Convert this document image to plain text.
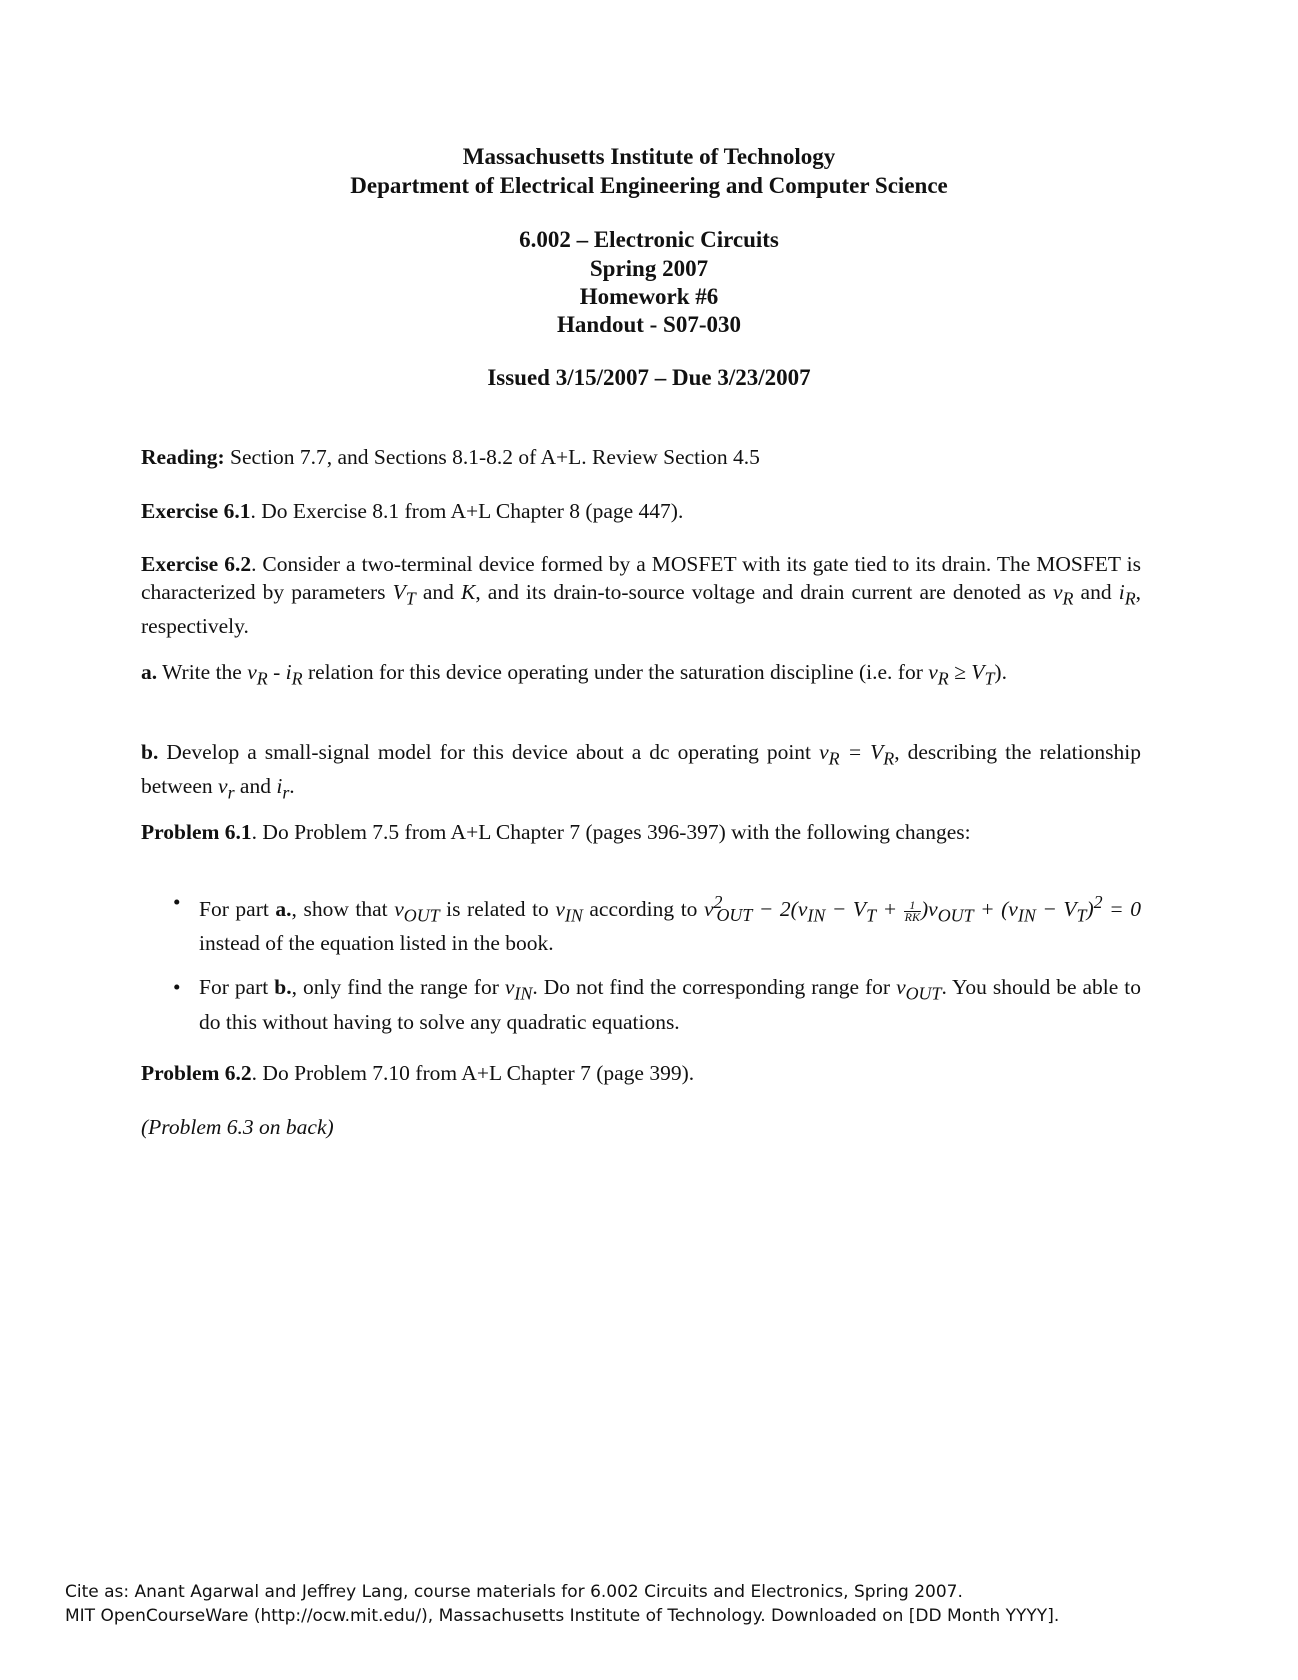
Massachusetts Institute of Technology
Department of Electrical Engineering and Computer Science
6.002 – Electronic Circuits
Spring 2007
Homework #6
Handout - S07-030
Issued 3/15/2007 – Due 3/23/2007
Reading: Section 7.7, and Sections 8.1-8.2 of A+L. Review Section 4.5
Exercise 6.1. Do Exercise 8.1 from A+L Chapter 8 (page 447).
Exercise 6.2. Consider a two-terminal device formed by a MOSFET with its gate tied to its drain. The MOSFET is characterized by parameters $V_T$ and K, and its drain-to-source voltage and drain current are denoted as $v_R$ and $i_R$, respectively.
a. Write the $v_R - i_R$ relation for this device operating under the saturation discipline (i.e. for $v_R \ge V_T$).
b. Develop a small-signal model for this device about a dc operating point $v_R = V_R$, describing the relationship between $v_r$ and $i_r$.
Problem 6.1. Do Problem 7.5 from A+L Chapter 7 (pages 396-397) with the following changes:
• For part a., show that $v_{OUT}$ is related to $v_{IN}$ according to $v^2_{OUT} - 2(v_{IN} - V_T + \frac{1}{RK} )v_{OUT} + (v_{IN} - V_T)^2 = 0$ instead of the equation listed in the book.
• For part b., only find the range for $v_{IN}$. Do not find the corresponding range for $v_{OUT}$. You should be able to do this without having to solve any quadratic equations.
Problem 6.2. Do Problem 7.10 from A+L Chapter 7 (page 399).
(Problem 6.3 on back)
Cite as: Anant Agarwal and Jeffrey Lang, course materials for 6.002 Circuits and Electronics, Spring 2007.
MIT OpenCourseWare (http://ocw.mit.edu/), Massachusetts Institute of Technology. Downloaded on [DD Month YYYY].
